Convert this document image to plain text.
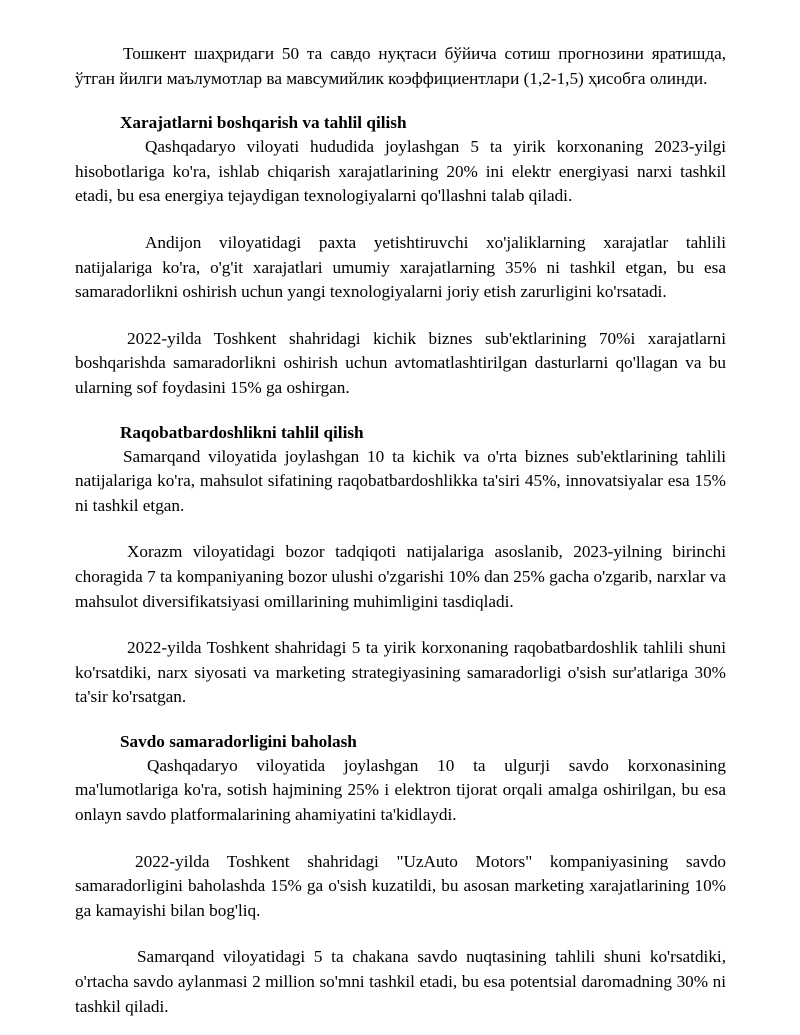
Тошкент шаҳридаги 50 та савдо нуқтаси бўйича сотиш прогнозини яратишда, ўтган йилги маълумотлар ва мавсумийлик коэффициентлари (1,2-1,5) ҳисобга олинди.

Xarajatlarni boshqarish va tahlil qilish

Qashqadaryo viloyati hududida joylashgan 5 ta yirik korxonaning 2023-yilgi hisobotlariga ko'ra, ishlab chiqarish xarajatlarining 20% ini elektr energiyasi narxi tashkil etadi, bu esa energiya tejaydigan texnologiyalarni qo'llashni talab qiladi.

Andijon viloyatidagi paxta yetishtiruvchi xo'jaliklarning xarajatlar tahlili natijalariga ko'ra, o'g'it xarajatlari umumiy xarajatlarning 35% ni tashkil etgan, bu esa samaradorlikni oshirish uchun yangi texnologiyalarni joriy etish zarurligini ko'rsatadi.

2022-yilda Toshkent shahridagi kichik biznes sub'ektlarining 70%i xarajatlarni boshqarishda samaradorlikni oshirish uchun avtomatlashtirilgan dasturlarni qo'llagan va bu ularning sof foydasini 15% ga oshirgan.

Raqobatbardoshlikni tahlil qilish

Samarqand viloyatida joylashgan 10 ta kichik va o'rta biznes sub'ektlarining tahlili natijalariga ko'ra, mahsulot sifatining raqobatbardoshlikka ta'siri 45%, innovatsiyalar esa 15% ni tashkil etgan.

Xorazm viloyatidagi bozor tadqiqoti natijalariga asoslanib, 2023-yilning birinchi choragida 7 ta kompaniyaning bozor ulushi o'zgarishi 10% dan 25% gacha o'zgarib, narxlar va mahsulot diversifikatsiyasi omillarining muhimligini tasdiqladi.

2022-yilda Toshkent shahridagi 5 ta yirik korxonaning raqobatbardoshlik tahlili shuni ko'rsatdiki, narx siyosati va marketing strategiyasining samaradorligi o'sish sur'atlariga 30% ta'sir ko'rsatgan.

Savdo samaradorligini baholash

Qashqadaryo viloyatida joylashgan 10 ta ulgurji savdo korxonasining ma'lumotlariga ko'ra, sotish hajmining 25% i elektron tijorat orqali amalga oshirilgan, bu esa onlayn savdo platformalarining ahamiyatini ta'kidlaydi.

2022-yilda Toshkent shahridagi "UzAuto Motors" kompaniyasining savdo samaradorligini baholashda 15% ga o'sish kuzatildi, bu asosan marketing xarajatlarining 10% ga kamayishi bilan bog'liq.

Samarqand viloyatidagi 5 ta chakana savdo nuqtasining tahlili shuni ko'rsatdiki, o'rtacha savdo aylanmasi 2 million so'mni tashkil etadi, bu esa potentsial daromadning 30% ni tashkil qiladi.
